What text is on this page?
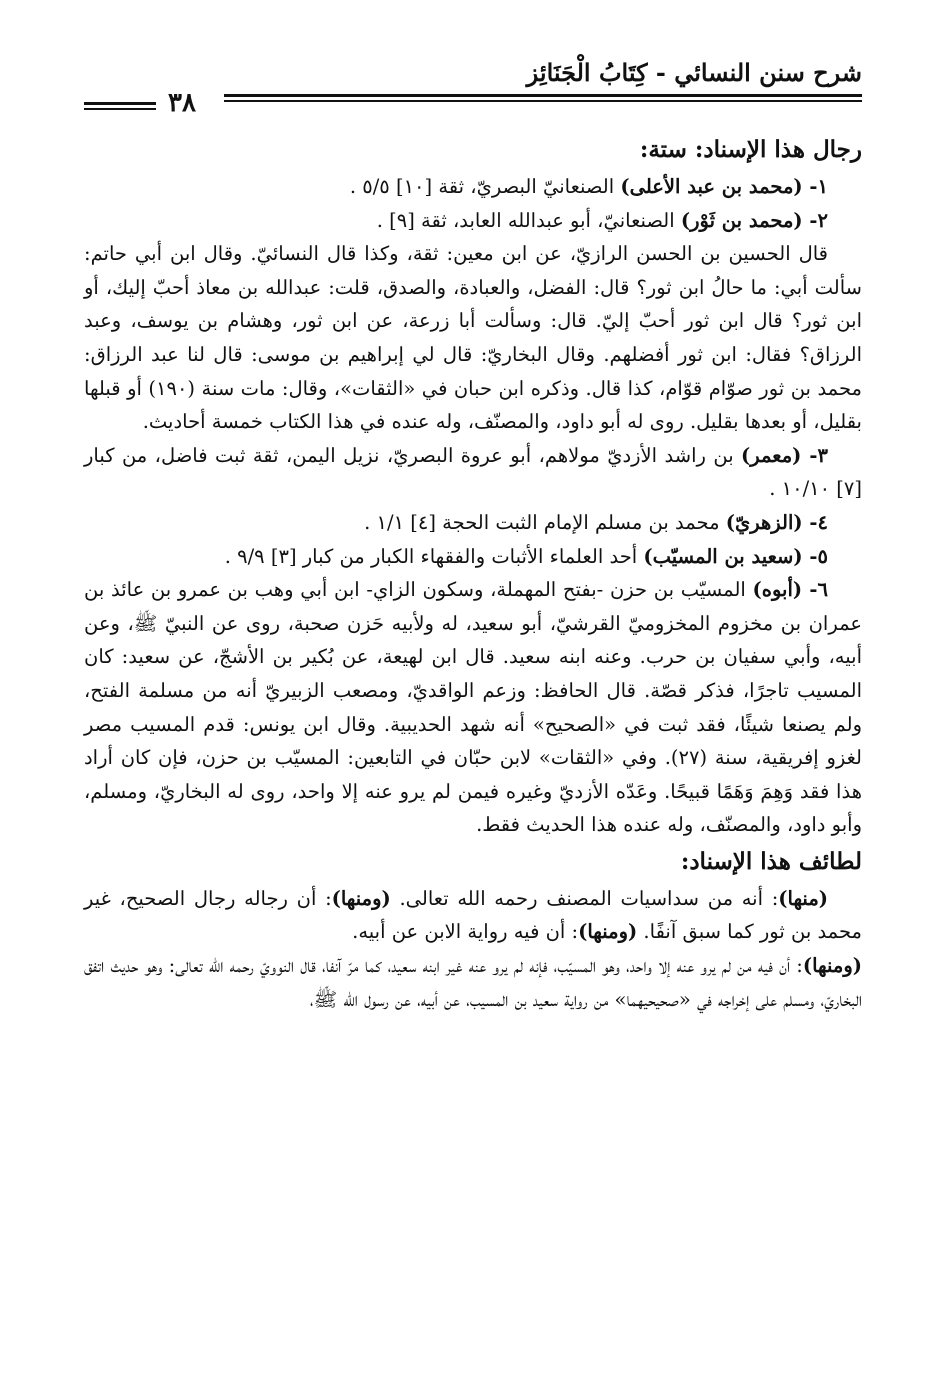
شرح سنن النسائي - كِتَابُ الْجَنَائِز
٣٨
رجال هذا الإسناد: ستة:

١- (محمد بن عبد الأعلى) الصنعانيّ البصريّ، ثقة [١٠] ٥/٥ .

٢- (محمد بن ثَوْر) الصنعانيّ، أبو عبدالله العابد، ثقة [٩] .

قال الحسين بن الحسن الرازيّ، عن ابن معين: ثقة، وكذا قال النسائيّ. وقال ابن أبي حاتم: سألت أبي: ما حالُ ابن ثور؟ قال: الفضل، والعبادة، والصدق، قلت: عبدالله بن معاذ أحبّ إليك، أو ابن ثور؟ قال ابن ثور أحبّ إليّ. قال: وسألت أبا زرعة، عن ابن ثور، وهشام بن يوسف، وعبد الرزاق؟ فقال: ابن ثور أفضلهم. وقال البخاريّ: قال لي إبراهيم بن موسى: قال لنا عبد الرزاق: محمد بن ثور صوّام قوّام، كذا قال. وذكره ابن حبان في «الثقات»، وقال: مات سنة (١٩٠) أو قبلها بقليل، أو بعدها بقليل. روى له أبو داود، والمصنّف، وله عنده في هذا الكتاب خمسة أحاديث.

٣- (معمر) بن راشد الأزديّ مولاهم، أبو عروة البصريّ، نزيل اليمن، ثقة ثبت فاضل، من كبار [٧] ١٠/١٠ .

٤- (الزهريّ) محمد بن مسلم الإمام الثبت الحجة [٤] ١/١ .

٥- (سعيد بن المسيّب) أحد العلماء الأثبات والفقهاء الكبار من كبار [٣] ٩/٩ .

٦- (أبوه) المسيّب بن حزن -بفتح المهملة، وسكون الزاي- ابن أبي وهب بن عمرو بن عائذ بن عمران بن مخزوم المخزوميّ القرشيّ، أبو سعيد، له ولأبيه حَزن صحبة، روى عن النبيّ ﷺ، وعن أبيه، وأبي سفيان بن حرب. وعنه ابنه سعيد. قال ابن لهيعة، عن بُكير بن الأشجّ، عن سعيد: كان المسيب تاجرًا، فذكر قصّة. قال الحافظ: وزعم الواقديّ، ومصعب الزبيريّ أنه من مسلمة الفتح، ولم يصنعا شيئًا، فقد ثبت في «الصحيح» أنه شهد الحديبية. وقال ابن يونس: قدم المسيب مصر لغزو إفريقية، سنة (٢٧). وفي «الثقات» لابن حبّان في التابعين: المسيّب بن حزن، فإن كان أراد هذا فقد وَهِمَ وَهَمًا قبيحًا. وعَدّه الأزديّ وغيره فيمن لم يرو عنه إلا واحد، روى له البخاريّ، ومسلم، وأبو داود، والمصنّف، وله عنده هذا الحديث فقط.

لطائف هذا الإسناد:

(منها): أنه من سداسيات المصنف رحمه الله تعالى. (ومنها): أن رجاله رجال الصحيح، غير محمد بن ثور كما سبق آنفًا. (ومنها): أن فيه رواية الابن عن أبيه.

(ومنها): أن فيه من لم يرو عنه إلا واحد، وهو المسيّب، فإنه لم يرو عنه غير ابنه سعيد، كما مرّ آنفا، قال النوويّ رحمه الله تعالى: وهو حديث اتفق البخاريّ، ومسلم على إخراجه في «صحيحيهما» من رواية سعيد بن المسيب، عن أبيه، عن رسول الله ﷺ،
